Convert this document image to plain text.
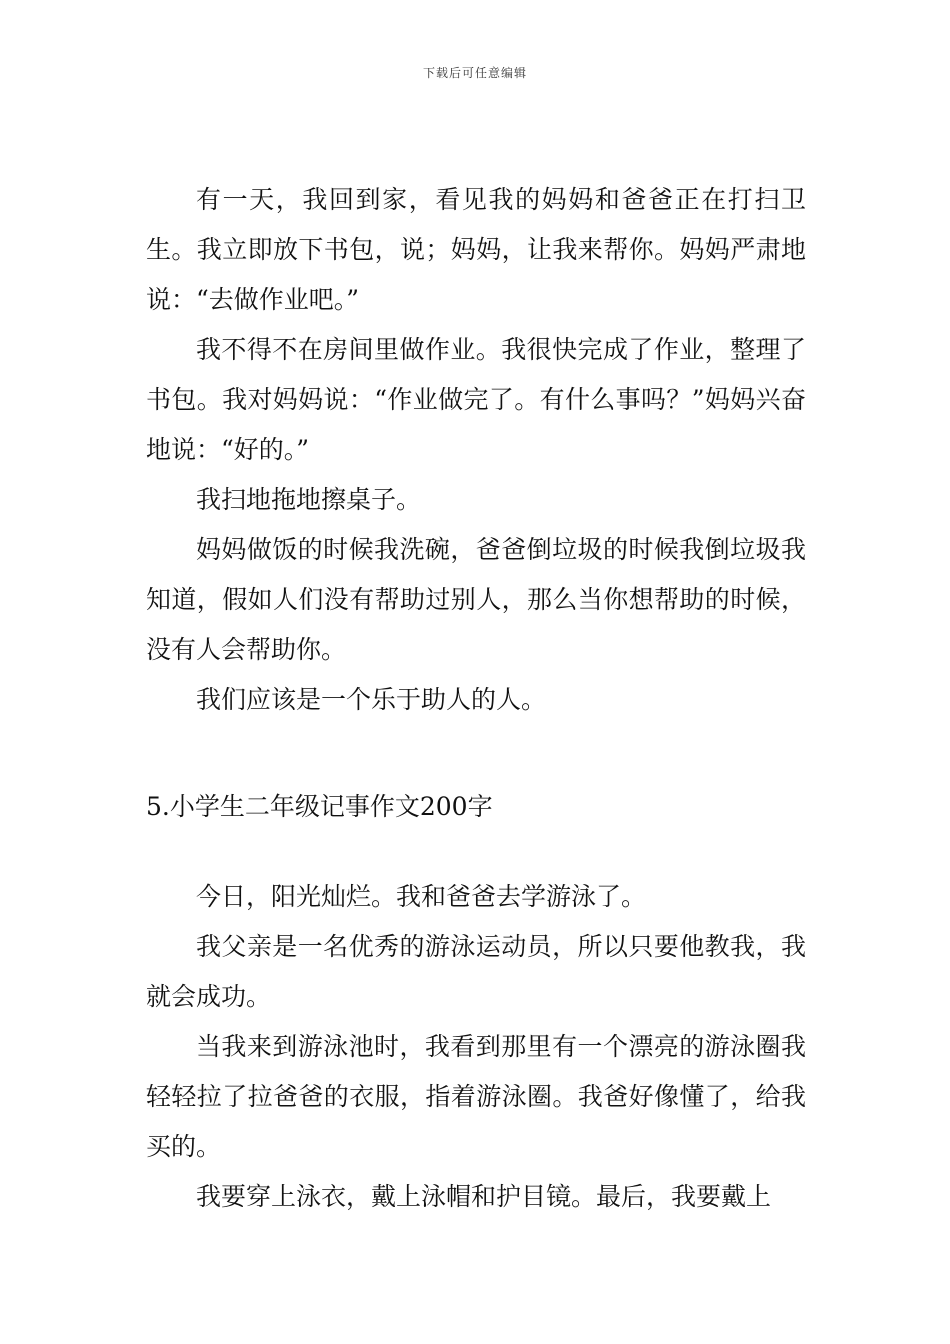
下载后可任意编辑

有一天，我回到家，看见我的妈妈和爸爸正在打扫卫生。我立即放下书包，说；妈妈，让我来帮你。妈妈严肃地说：“去做作业吧。”

我不得不在房间里做作业。我很快完成了作业，整理了书包。我对妈妈说：“作业做完了。有什么事吗？”妈妈兴奋地说：“好的。”

我扫地拖地擦桌子。

妈妈做饭的时候我洗碗，爸爸倒垃圾的时候我倒垃圾我知道，假如人们没有帮助过别人，那么当你想帮助的时候，没有人会帮助你。

我们应该是一个乐于助人的人。

5.小学生二年级记事作文200字

今日，阳光灿烂。我和爸爸去学游泳了。

我父亲是一名优秀的游泳运动员，所以只要他教我，我就会成功。

当我来到游泳池时，我看到那里有一个漂亮的游泳圈我轻轻拉了拉爸爸的衣服，指着游泳圈。我爸好像懂了，给我买的。

我要穿上泳衣，戴上泳帽和护目镜。最后，我要戴上
